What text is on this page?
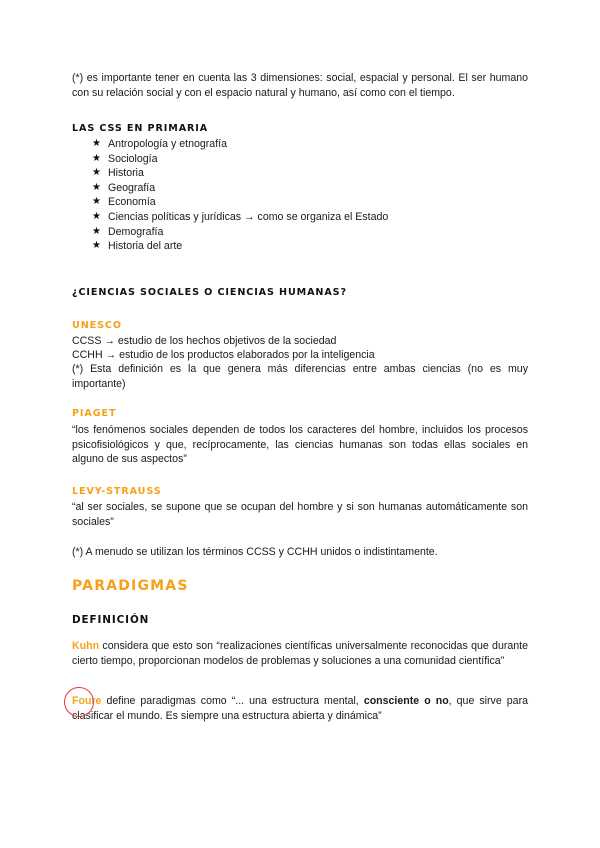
(*) es importante tener en cuenta las 3 dimensiones: social, espacial y personal. El ser humano con su relación social y con el espacio natural y humano, así como con el tiempo.
LAS CSS EN PRIMARIA
★ Antropología y etnografía
★ Sociología
★ Historia
★ Geografía
★ Economía
★ Ciencias políticas y jurídicas → como se organiza el Estado
★ Demografía
★ Historia del arte
¿CIENCIAS SOCIALES O CIENCIAS HUMANAS?
UNESCO
CCSS → estudio de los hechos objetivos de la sociedad
CCHH → estudio de los productos elaborados por la inteligencia
(*) Esta definición es la que genera más diferencias entre ambas ciencias (no es muy importante)
PIAGET
“los fenómenos sociales dependen de todos los caracteres del hombre, incluidos los procesos psicofisiológicos y que, recíprocamente, las ciencias humanas son todas ellas sociales en alguno de sus aspectos”
LEVY-STRAUSS
“al ser sociales, se supone que se ocupan del hombre y si son humanas automáticamente son sociales”
(*) A menudo se utilizan los términos CCSS y CCHH unidos o indistintamente.
PARADIGMAS
DEFINICIÓN
Kuhn considera que esto son “realizaciones científicas universalmente reconocidas que durante cierto tiempo, proporcionan modelos de problemas y soluciones a una comunidad científica”
Foure define paradigmas como “... una estructura mental, consciente o no, que sirve para clasificar el mundo. Es siempre una estructura abierta y dinámica”
